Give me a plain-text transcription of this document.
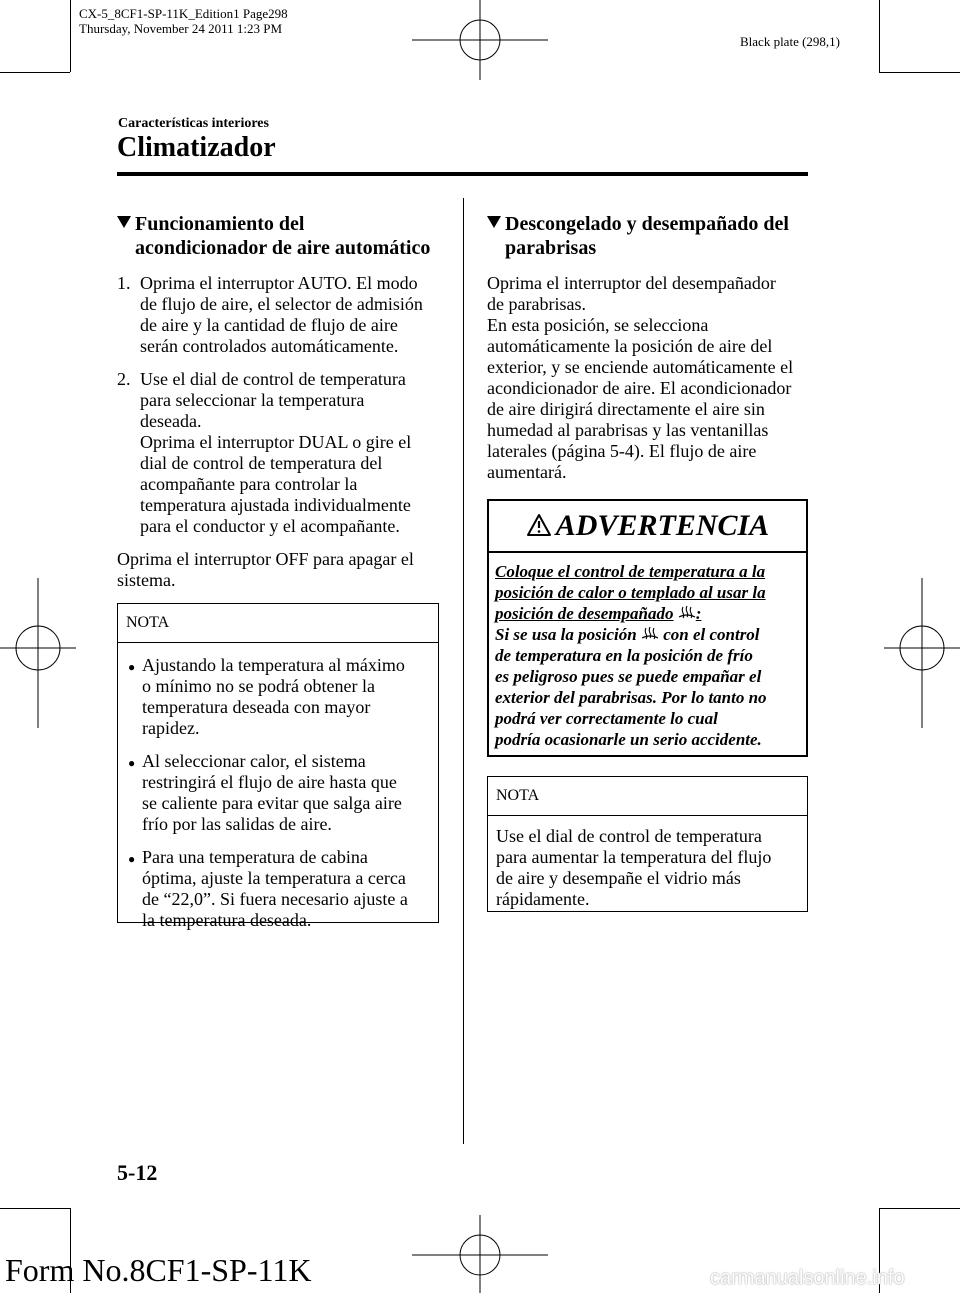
CX-5_8CF1-SP-11K_Edition1 Page298
Thursday, November 24 2011 1:23 PM
Black plate (298,1)
Características interiores
Climatizador
Funcionamiento del
acondicionador de aire automático
1. Oprima el interruptor AUTO. El modo
de flujo de aire, el selector de admisión
de aire y la cantidad de flujo de aire
serán controlados automáticamente.
2. Use el dial de control de temperatura
para seleccionar la temperatura
deseada.
Oprima el interruptor DUAL o gire el
dial de control de temperatura del
acompañante para controlar la
temperatura ajustada individualmente
para el conductor y el acompañante.
Oprima el interruptor OFF para apagar el
sistema.
NOTA
● Ajustando la temperatura al máximo
o mínimo no se podrá obtener la
temperatura deseada con mayor
rapidez.
● Al seleccionar calor, el sistema
restringirá el flujo de aire hasta que
se caliente para evitar que salga aire
frío por las salidas de aire.
● Para una temperatura de cabina
óptima, ajuste la temperatura a cerca
de “22,0”. Si fuera necesario ajuste a
la temperatura deseada.
Descongelado y desempañado del
parabrisas
Oprima el interruptor del desempañador
de parabrisas.
En esta posición, se selecciona
automáticamente la posición de aire del
exterior, y se enciende automáticamente el
acondicionador de aire. El acondicionador
de aire dirigirá directamente el aire sin
humedad al parabrisas y las ventanillas
laterales (página 5-4). El flujo de aire
aumentará.
ADVERTENCIA
Coloque el control de temperatura a la
posición de calor o templado al usar la
posición de desempañado :
Si se usa la posición con el control
de temperatura en la posición de frío
es peligroso pues se puede empañar el
exterior del parabrisas. Por lo tanto no
podrá ver correctamente lo cual
podría ocasionarle un serio accidente.
NOTA
Use el dial de control de temperatura
para aumentar la temperatura del flujo
de aire y desempañe el vidrio más
rápidamente.
5-12
Form No.8CF1-SP-11K	carmanualsonline.info
